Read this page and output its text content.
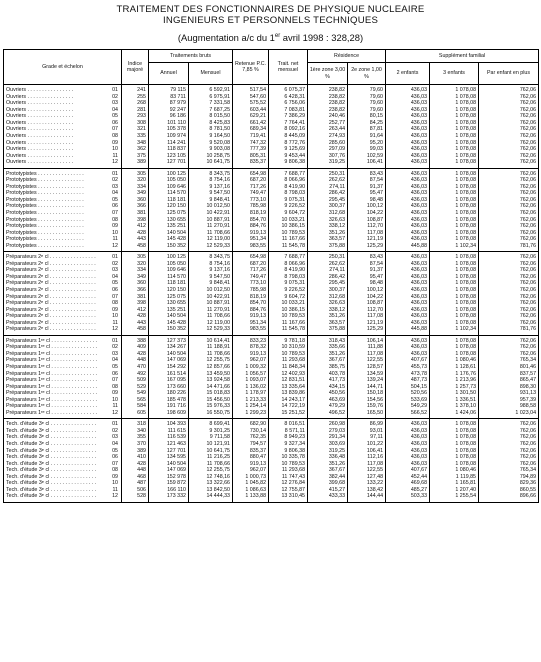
TRAITEMENT DES FONCTIONNAIRES DE PHYSIQUE NUCLEAIRE
INGENIEURS ET PERSONNELS TECHNIQUES
(Augmentation a/c du 1er avril 1998 : 328,28)
Grade et échelon	Indice majoré	Traitements bruts		Retenue P.C. 7,85 %	Trait. net mensuel	Résidence		Supplément familial		
		Annuel	Mensuel			1ère zone 3,00 %	2e zone 1,00 %	2 enfants	3 enfants	Par enfant en plus
Ouvriers . . . . . . . . . . . . . . . . 01	241	79 115	6 592,91	517,54	6 075,37	238,82	79,60	436,03	1 078,08	762,06
Ouvriers . . . . . . . . . . . . . . . . 02	255	83 711	6 975,91	547,60	6 428,31	238,82	79,60	436,03	1 078,08	762,06
Ouvriers . . . . . . . . . . . . . . . . 03	268	87 979	7 331,58	575,52	6 756,06	238,82	79,60	436,03	1 078,08	762,06
Ouvriers . . . . . . . . . . . . . . . . 04	281	92 247	7 687,25	603,44	7 083,81	238,82	79,60	436,03	1 078,08	762,06
Ouvriers . . . . . . . . . . . . . . . . 05	293	96 186	8 015,50	629,21	7 386,29	240,46	80,15	436,03	1 078,08	762,06
Ouvriers . . . . . . . . . . . . . . . . 06	308	101 110	8 425,83	661,42	7 764,41	252,77	84,25	436,03	1 078,08	762,06
Ouvriers . . . . . . . . . . . . . . . . 07	321	105 378	8 781,50	689,34	8 092,16	263,44	87,81	436,03	1 078,08	762,06
Ouvriers . . . . . . . . . . . . . . . . 08	335	109 974	9 164,50	719,41	8 445,09	274,93	91,64	436,03	1 078,08	762,06
Ouvriers . . . . . . . . . . . . . . . . 09	348	114 241	9 520,08	747,32	8 772,76	285,60	95,20	436,03	1 078,08	762,06
Ouvriers . . . . . . . . . . . . . . . . 10	362	118 837	9 903,08	777,39	9 125,69	297,09	99,03	436,03	1 078,08	762,06
Ouvriers . . . . . . . . . . . . . . . . 11	375	123 105	10 258,75	805,31	9 453,44	307,76	102,59	436,03	1 078,08	762,06
Ouvriers . . . . . . . . . . . . . . . . 12	389	127 701	10 641,75	835,37	9 806,38	319,25	106,41	436,03	1 078,08	762,06
Prototypistes . . . . . . . . . . . . . . . . 01	305	100 125	8 343,75	654,98	7 688,77	250,31	83,43	436,03	1 078,08	762,06
Prototypistes . . . . . . . . . . . . . . . . 02	320	105 050	8 754,16	687,20	8 066,96	262,62	87,54	436,03	1 078,08	762,06
Prototypistes . . . . . . . . . . . . . . . . 03	334	109 646	9 137,16	717,26	8 419,90	274,11	91,37	436,03	1 078,08	762,06
Prototypistes . . . . . . . . . . . . . . . . 04	349	114 570	9 547,50	749,47	8 798,03	286,42	95,47	436,03	1 078,08	762,06
Prototypistes . . . . . . . . . . . . . . . . 05	360	118 181	9 848,41	773,10	9 075,31	295,45	98,48	436,03	1 078,08	762,06
Prototypistes . . . . . . . . . . . . . . . . 06	366	120 150	10 012,50	785,98	9 226,52	300,37	100,12	436,03	1 078,08	762,06
Prototypistes . . . . . . . . . . . . . . . . 07	381	125 075	10 422,91	818,19	9 604,72	312,68	104,22	436,03	1 078,08	762,06
Prototypistes . . . . . . . . . . . . . . . . 08	398	130 655	10 887,91	854,70	10 033,21	326,63	108,87	436,03	1 078,08	762,06
Prototypistes . . . . . . . . . . . . . . . . 09	412	135 251	11 270,91	884,76	10 386,15	338,12	112,70	436,03	1 078,08	762,06
Prototypistes . . . . . . . . . . . . . . . . 10	428	140 504	11 708,66	919,13	10 789,53	351,26	117,08	436,03	1 078,08	762,06
Prototypistes . . . . . . . . . . . . . . . . 11	443	145 428	12 119,00	951,34	11 167,66	363,57	121,19	436,03	1 078,08	762,06
Prototypistes . . . . . . . . . . . . . . . . 12	458	150 352	12 529,33	983,55	11 545,78	375,88	125,29	445,88	1 102,34	781,76
Préparateurs 2e cl . . . . . . . . . . . . . . . . 01	305	100 125	8 343,75	654,98	7 688,77	250,31	83,43	436,03	1 078,08	762,06
Préparateurs 2e cl . . . . . . . . . . . . . . . . 02	320	105 050	8 754,16	687,20	8 066,96	262,62	87,54	436,03	1 078,08	762,06
Préparateurs 2e cl . . . . . . . . . . . . . . . . 03	334	109 646	9 137,16	717,26	8 419,90	274,11	91,37	436,03	1 078,08	762,06
Préparateurs 2e cl . . . . . . . . . . . . . . . . 04	349	114 570	9 547,50	749,47	8 798,03	286,42	95,47	436,03	1 078,08	762,06
Préparateurs 2e cl . . . . . . . . . . . . . . . . 05	360	118 181	9 848,41	773,10	9 075,31	295,45	98,48	436,03	1 078,08	762,06
Préparateurs 2e cl . . . . . . . . . . . . . . . . 06	366	120 150	10 012,50	785,98	9 226,52	300,37	100,12	436,03	1 078,08	762,06
Préparateurs 2e cl . . . . . . . . . . . . . . . . 07	381	125 075	10 422,91	818,19	9 604,72	312,68	104,22	436,03	1 078,08	762,06
Préparateurs 2e cl . . . . . . . . . . . . . . . . 08	398	130 655	10 887,91	854,70	10 033,21	326,63	108,87	436,03	1 078,08	762,06
Préparateurs 2e cl . . . . . . . . . . . . . . . . 09	412	135 251	11 270,91	884,76	10 386,15	338,12	112,70	436,03	1 078,08	762,06
Préparateurs 2e cl . . . . . . . . . . . . . . . . 10	428	140 504	11 708,66	919,13	10 789,53	351,26	117,08	436,03	1 078,08	762,06
Préparateurs 2e cl . . . . . . . . . . . . . . . . 11	443	145 428	12 119,00	951,34	11 167,66	363,57	121,19	436,03	1 078,08	762,06
Préparateurs 2e cl . . . . . . . . . . . . . . . . 12	458	150 352	12 529,33	983,55	11 545,78	375,88	125,29	445,88	1 102,34	781,76
Préparateurs 1re cl . . . . . . . . . . . . . . . . 01	388	127 373	10 614,41	833,23	9 781,18	318,43	106,14	436,03	1 078,08	762,06
Préparateurs 1re cl . . . . . . . . . . . . . . . . 02	409	134 267	11 188,91	878,32	10 310,59	335,66	111,88	436,03	1 078,08	762,06
Préparateurs 1re cl . . . . . . . . . . . . . . . . 03	428	140 504	11 708,66	919,13	10 789,53	351,26	117,08	436,03	1 078,08	762,06
Préparateurs 1re cl . . . . . . . . . . . . . . . . 04	448	147 069	12 255,75	962,07	11 293,68	367,67	122,55	407,67	1 080,46	765,34
Préparateurs 1re cl . . . . . . . . . . . . . . . . 05	470	154 292	12 857,66	1 009,32	11 848,34	385,75	128,57	455,73	1 128,61	801,46
Préparateurs 1re cl . . . . . . . . . . . . . . . . 06	492	161 514	13 459,50	1 056,57	12 402,93	403,78	134,59	473,78	1 176,76	837,57
Préparateurs 1re cl . . . . . . . . . . . . . . . . 07	509	167 095	13 924,58	1 093,07	12 831,51	417,73	139,24	487,73	1 213,96	865,47
Préparateurs 1re cl . . . . . . . . . . . . . . . . 08	529	173 660	14 471,66	1 136,02	13 335,64	434,15	144,71	504,15	1 257,73	898,30
Préparateurs 1re cl . . . . . . . . . . . . . . . . 09	549	180 226	15 018,83	1 178,97	13 839,86	450,56	150,18	520,56	1 301,50	931,13
Préparateurs 1re cl . . . . . . . . . . . . . . . . 10	565	185 478	15 456,50	1 213,33	14 243,17	463,69	154,56	533,69	1 336,51	957,39
Préparateurs 1re cl . . . . . . . . . . . . . . . . 11	584	191 716	15 976,33	1 254,14	14 722,19	479,29	159,76	549,29	1 378,10	988,58
Préparateurs 1re cl . . . . . . . . . . . . . . . . 12	605	198 609	16 550,75	1 299,23	15 251,52	496,52	165,50	566,52	1 424,06	1 023,04
Tech. d'étude 3e cl . . . . . . . . . . . . . . . . 01	318	104 393	8 699,41	682,90	8 016,51	260,98	86,99	436,03	1 078,08	762,06
Tech. d'étude 3e cl . . . . . . . . . . . . . . . . 02	340	111 615	9 301,25	730,14	8 571,11	279,03	93,01	436,03	1 078,08	762,06
Tech. d'étude 3e cl . . . . . . . . . . . . . . . . 03	355	116 539	9 711,58	762,35	8 949,23	291,34	97,11	436,03	1 078,08	762,06
Tech. d'étude 3e cl . . . . . . . . . . . . . . . . 04	370	121 463	10 121,91	794,57	9 327,34	303,69	101,22	436,03	1 078,08	762,06
Tech. d'étude 3e cl . . . . . . . . . . . . . . . . 05	389	127 701	10 641,75	835,37	9 806,38	319,25	106,41	436,03	1 078,08	762,06
Tech. d'étude 3e cl . . . . . . . . . . . . . . . . 06	410	134 595	11 216,25	880,47	10 335,78	336,48	112,16	436,03	1 078,08	762,06
Tech. d'étude 3e cl . . . . . . . . . . . . . . . . 07	428	140 504	11 708,66	919,13	10 789,53	351,26	117,08	436,03	1 078,08	762,06
Tech. d'étude 3e cl . . . . . . . . . . . . . . . . 08	448	147 069	12 255,75	962,07	11 293,68	367,67	122,55	407,67	1 080,46	765,34
Tech. d'étude 3e cl . . . . . . . . . . . . . . . . 09	468	152 978	12 748,16	1 000,73	11 747,43	382,44	127,48	452,44	1 119,85	794,89
Tech. d'étude 3e cl . . . . . . . . . . . . . . . . 10	487	159 872	13 322,66	1 045,82	12 276,84	399,68	133,22	469,68	1 165,81	829,36
Tech. d'étude 3e cl . . . . . . . . . . . . . . . . 11	506	166 110	13 842,50	1 086,63	12 755,87	415,27	138,42	485,27	1 207,40	860,55
Tech. d'étude 3e cl . . . . . . . . . . . . . . . . 12	528	173 332	14 444,33	1 133,88	13 310,45	433,33	144,44	503,33	1 255,54	896,66
